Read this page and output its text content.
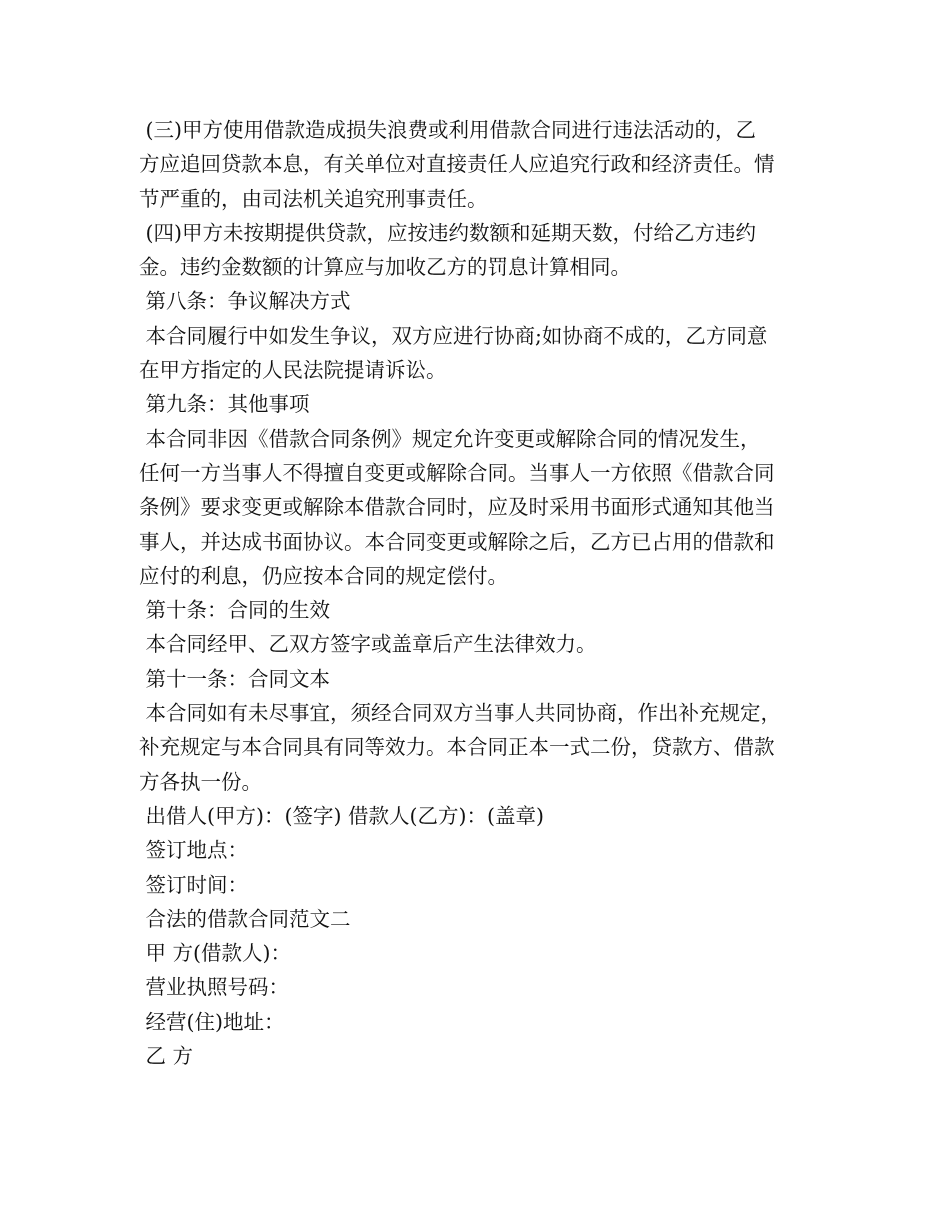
(三)甲方使用借款造成损失浪费或利用借款合同进行违法活动的，乙
方应追回贷款本息，有关单位对直接责任人应追究行政和经济责任。情
节严重的，由司法机关追究刑事责任。
(四)甲方未按期提供贷款，应按违约数额和延期天数，付给乙方违约
金。违约金数额的计算应与加收乙方的罚息计算相同。
第八条：争议解决方式
本合同履行中如发生争议，双方应进行协商;如协商不成的，乙方同意
在甲方指定的人民法院提请诉讼。
第九条：其他事项
本合同非因《借款合同条例》规定允许变更或解除合同的情况发生，
任何一方当事人不得擅自变更或解除合同。当事人一方依照《借款合同
条例》要求变更或解除本借款合同时，应及时采用书面形式通知其他当
事人，并达成书面协议。本合同变更或解除之后，乙方已占用的借款和
应付的利息，仍应按本合同的规定偿付。
第十条：合同的生效
本合同经甲、乙双方签字或盖章后产生法律效力。
第十一条：合同文本
本合同如有未尽事宜，须经合同双方当事人共同协商，作出补充规定，
补充规定与本合同具有同等效力。本合同正本一式二份，贷款方、借款
方各执一份。
出借人(甲方)：(签字) 借款人(乙方)：(盖章)
签订地点：
签订时间：
合法的借款合同范文二
甲 方(借款人)：
营业执照号码：
经营(住)地址：
乙 方
